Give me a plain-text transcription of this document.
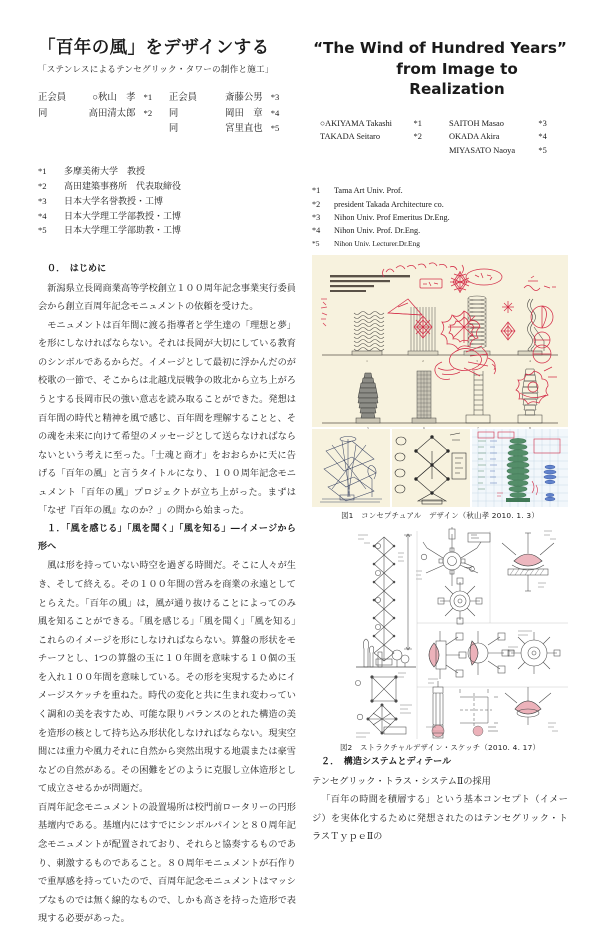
「百年の風」をデザインする
「ステンレスによるテンセグリック・タワーの制作と施工」
正会員	○秋山　孝	*1	正会員	斎藤公男	*3
同	高田清太郎	*2	同	岡田　章	*4
			同	宮里直也	*5
*1	多摩美術大学　教授
*2	高田建築事務所　代表取締役
*3	日本大学名誉教授・工博
*4	日本大学理工学部教授・工博
*5	日本大学理工学部助教・工博

０．　はじめに

新潟県立長岡商業高等学校創立１００周年記念事業実行委員会から創立百周年記念モニュメントの依頼を受けた。

モニュメントは百年間に渡る指導者と学生達の「理想と夢」を形にしなければならない。それは長岡が大切にしている教育のシンボルであるからだ。イメージとして最初に浮かんだのが校歌の一節で、そこからは北越戊辰戦争の敗北から立ち上がろうとする長岡市民の強い意志を読み取ることができた。発想は百年間の時代と精神を風で感じ、百年間を理解することと、その魂を未来に向けて希望のメッセージとして送らなければならないという考えに至った。「士魂と商才」をおおらかに天に告げる「百年の風」と言うタイトルになり、１００周年記念モニュメント「百年の風」プロジェクトが立ち上がった。まずは「なぜ『百年の風』なのか？」の問から始まった。

１．「風を感じる」「風を聞く」「風を知る」―イメージから形へ

風は形を持っていない時空を過ぎる時間だ。そこに人々が生き、そして終える。その１００年間の営みを商業の永遠としてとらえた。「百年の風」は，風が通り抜けることによってのみ風を知ることができる。「風を感じる」「風を聞く」「風を知る」これらのイメージを形にしなければならない。算盤の形状をモチーフとし、1つの算盤の玉に１０年間を意味する１０個の玉を入れ１００年間を意味している。その形を実現するためにイメージスケッチを重ねた。時代の変化と共に生まれ変わっていく調和の美を表すため、可能な限りバランスのとれた構造の美を造形の核として持ち込み形状化しなければならない。現実空間には重力や風力それに自然から突然出現する地震または豪雪などの自然がある。その困難をどのように克服し立体造形として成立させるかが問題だ。

百周年記念モニュメントの設置場所は校門前ロータリーの円形基壇内である。基壇内にはすでにシンボルパインと８０周年記念モニュメントが配置されており、それらと協奏するものであり、刺激するものであること。８０周年モニュメントが石作りで重厚感を持っていたので、百周年記念モニュメントはマッシブなものでは無く線的なもので、しかも高さを持った造形で表現する必要があった。

“The Wind of Hundred Years”
from Image to Realization
○AKIYAMA Takashi	*1	SAITOH Masao	*3
TAKADA Seitaro	*2	OKADA Akira	*4
		MIYASATO Naoya	*5
*1	Tama Art Univ. Prof.
*2	president Takada Architecture co.
*3	Nihon Univ. Prof Emeritus Dr.Eng.
*4	Nihon Univ. Prof. Dr.Eng.
*5	Nihon Univ. Lecturer.Dr.Eng
1	2	3	4
5	6	7	8
図1　コンセプチュアル　デザイン（秋山孝 2010. 1. 3）
図2　ストラクチャルデザイン・スケッチ（2010. 4. 17）

２．　構造システムとディテール

テンセグリック・トラス・システムⅡの採用

「百年の時間を積層する」という基本コンセプト（イメージ）を実体化するために発想されたのはテンセグリック・トラスＴｙｐｅⅡの
